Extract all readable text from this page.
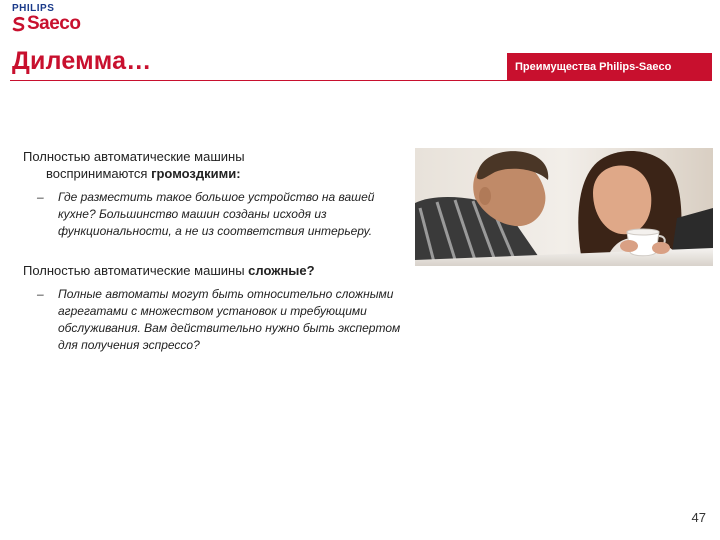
PHILIPS
Saeco
Дилемма…	Преимущества Philips-Saeco
Полностью автоматические машины
воспринимаются громоздкими:
–	Где разместить такое большое устройство на вашей кухне? Большинство машин созданы исходя из функциональности, а не из соответствия интерьеру.
Полностью автоматические машины сложные?
–	Полные автоматы могут быть относительно сложными агрегатами с множеством установок и требующими обслуживания. Вам действительно нужно быть экспертом для получения эспрессо?
47
